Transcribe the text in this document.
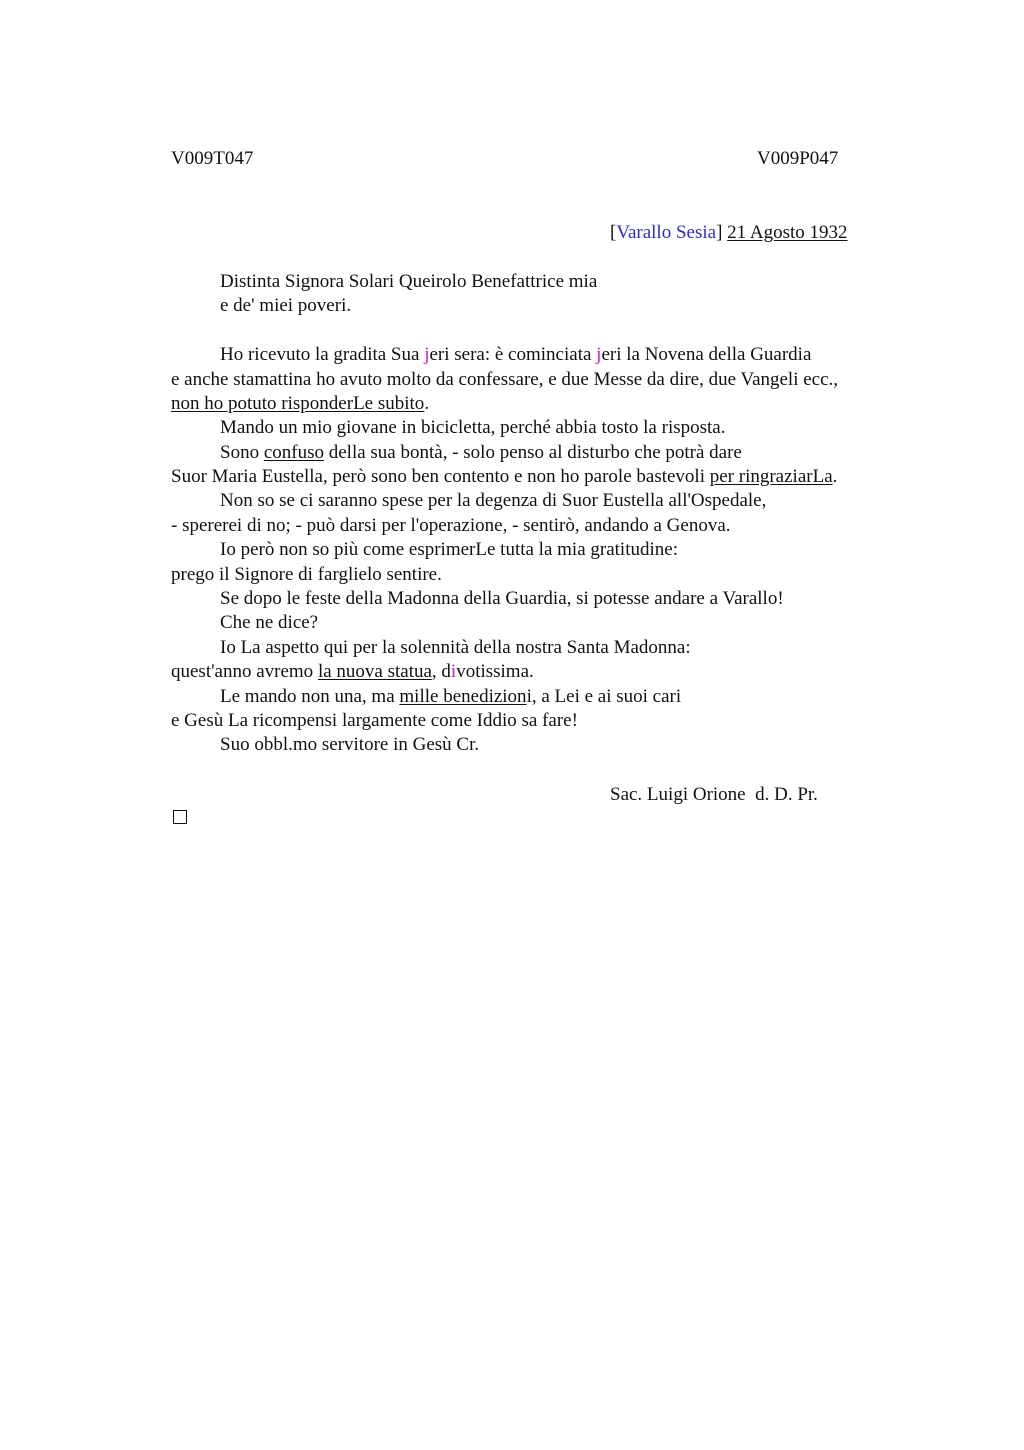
V009T047	V009P047
[Varallo Sesia] 21 Agosto 1932
Distinta Signora Solari Queirolo Benefattrice mia
e de' miei poveri.
Ho ricevuto la gradita Sua jeri sera: è cominciata jeri la Novena della Guardia
e anche stamattina ho avuto molto da confessare, e due Messe da dire, due Vangeli ecc.,
non ho potuto risponderLe subito.
Mando un mio giovane in bicicletta, perché abbia tosto la risposta.
Sono confuso della sua bontà, - solo penso al disturbo che potrà dare
Suor Maria Eustella, però sono ben contento e non ho parole bastevoli per ringraziarLa.
Non so se ci saranno spese per la degenza di Suor Eustella all'Ospedale,
- spererei di no; - può darsi per l'operazione, - sentirò, andando a Genova.
Io però non so più come esprimerLe tutta la mia gratitudine:
prego il Signore di farglielo sentire.
Se dopo le feste della Madonna della Guardia, si potesse andare a Varallo!
Che ne dice?
Io La aspetto qui per la solennità della nostra Santa Madonna:
quest'anno avremo la nuova statua, divotissima.
Le mando non una, ma mille benedizioni, a Lei e ai suoi cari
e Gesù La ricompensi largamente come Iddio sa fare!
Suo obbl.mo servitore in Gesù Cr.
Sac. Luigi Orione  d. D. Pr.
